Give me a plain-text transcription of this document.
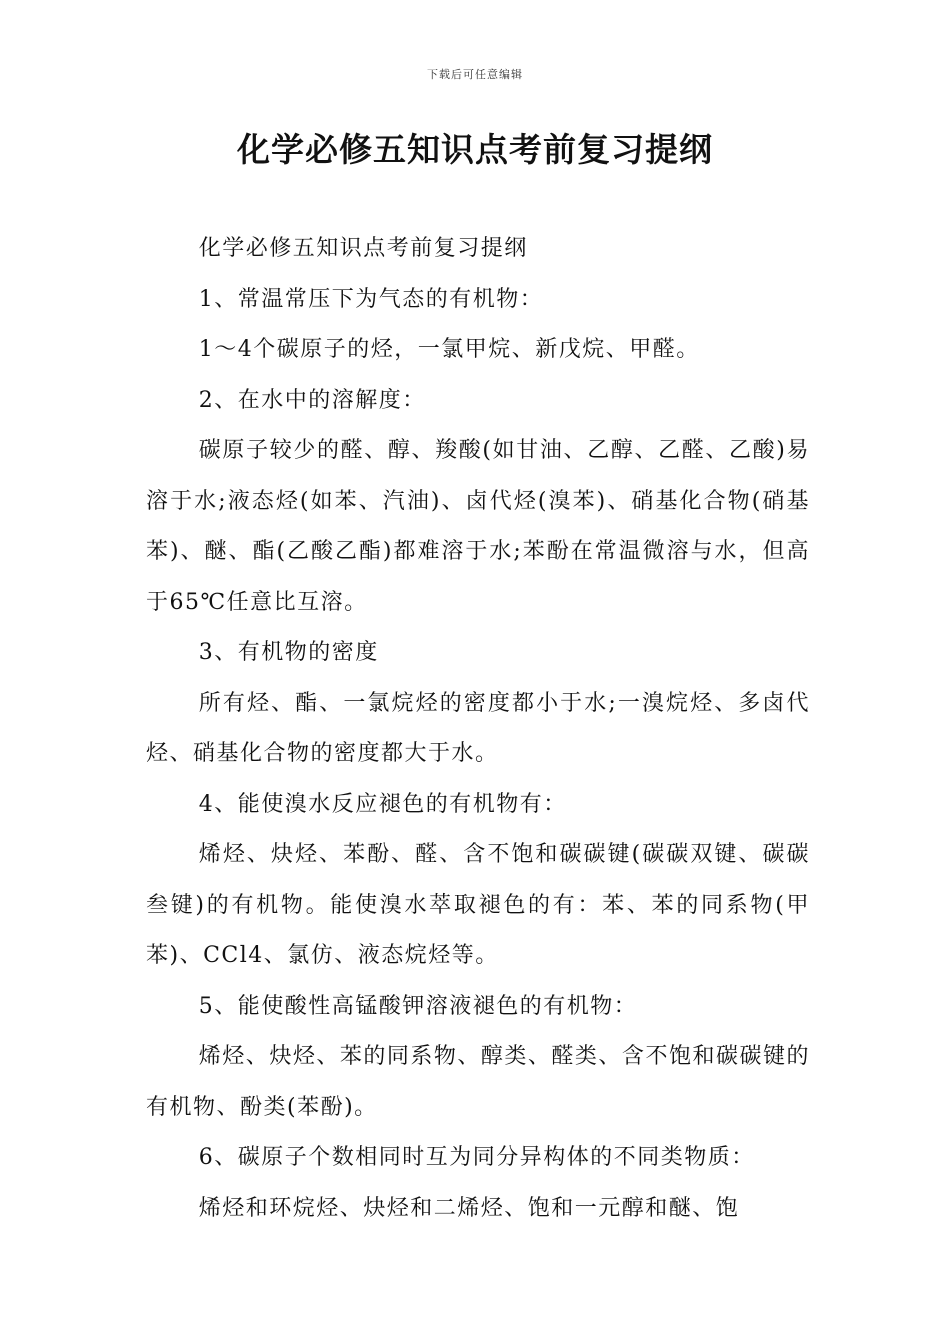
下载后可任意编辑
化学必修五知识点考前复习提纲

化学必修五知识点考前复习提纲

1、常温常压下为气态的有机物：

1～4个碳原子的烃，一氯甲烷、新戊烷、甲醛。

2、在水中的溶解度：

碳原子较少的醛、醇、羧酸(如甘油、乙醇、乙醛、乙酸)易溶于水;液态烃(如苯、汽油)、卤代烃(溴苯)、硝基化合物(硝基苯)、醚、酯(乙酸乙酯)都难溶于水;苯酚在常温微溶与水，但高于65℃任意比互溶。

3、有机物的密度

所有烃、酯、一氯烷烃的密度都小于水;一溴烷烃、多卤代烃、硝基化合物的密度都大于水。

4、能使溴水反应褪色的有机物有：

烯烃、炔烃、苯酚、醛、含不饱和碳碳键(碳碳双键、碳碳叁键)的有机物。能使溴水萃取褪色的有：苯、苯的同系物(甲苯)、CCl4、氯仿、液态烷烃等。

5、能使酸性高锰酸钾溶液褪色的有机物：

烯烃、炔烃、苯的同系物、醇类、醛类、含不饱和碳碳键的有机物、酚类(苯酚)。

6、碳原子个数相同时互为同分异构体的不同类物质：

烯烃和环烷烃、炔烃和二烯烃、饱和一元醇和醚、饱
